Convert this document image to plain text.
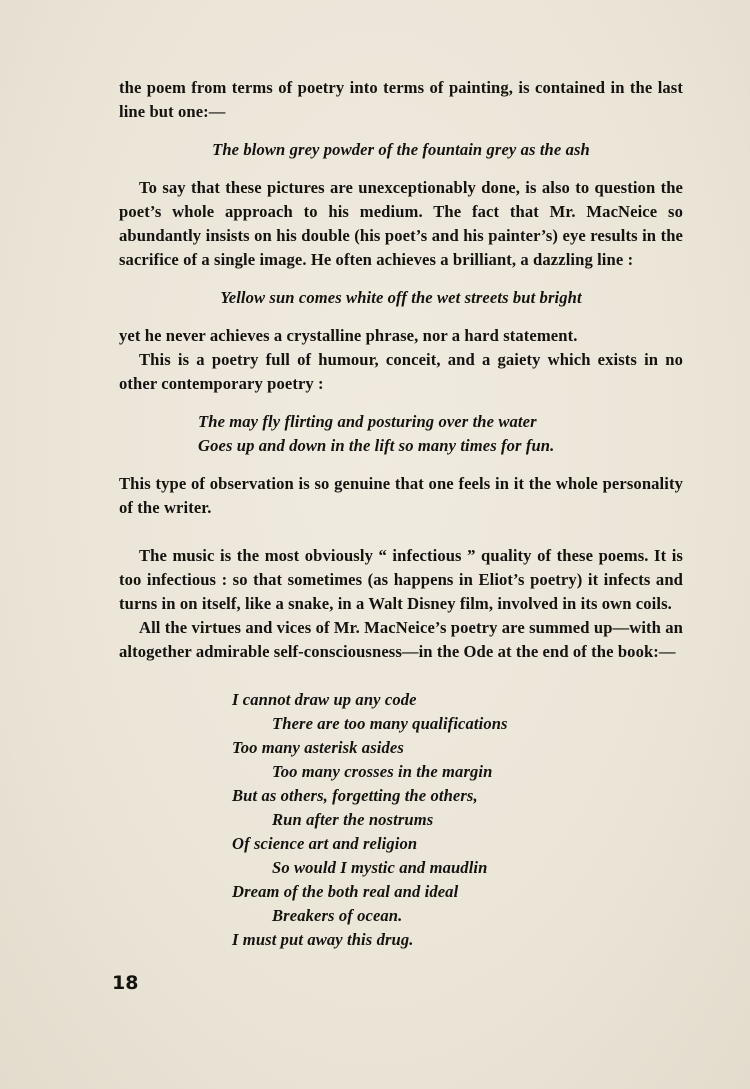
the poem from terms of poetry into terms of painting, is contained in the last line but one:—

The blown grey powder of the fountain grey as the ash

To say that these pictures are unexceptionably done, is also to question the poet’s whole approach to his medium. The fact that Mr. MacNeice so abundantly insists on his double (his poet’s and his painter’s) eye results in the sacrifice of a single image. He often achieves a brilliant, a dazzling line :

Yellow sun comes white off the wet streets but bright

yet he never achieves a crystalline phrase, nor a hard statement.

This is a poetry full of humour, conceit, and a gaiety which exists in no other contemporary poetry :

The may fly flirting and posturing over the water
Goes up and down in the lift so many times for fun.

This type of observation is so genuine that one feels in it the whole personality of the writer.

The music is the most obviously “ infectious ” quality of these poems. It is too infectious : so that sometimes (as happens in Eliot’s poetry) it infects and turns in on itself, like a snake, in a Walt Disney film, involved in its own coils.

All the virtues and vices of Mr. MacNeice’s poetry are summed up—with an altogether admirable self-consciousness—in the Ode at the end of the book:—

I cannot draw up any code
There are too many qualifications
Too many asterisk asides
Too many crosses in the margin
But as others, forgetting the others,
Run after the nostrums
Of science art and religion
So would I mystic and maudlin
Dream of the both real and ideal
Breakers of ocean.
I must put away this drug.
18
